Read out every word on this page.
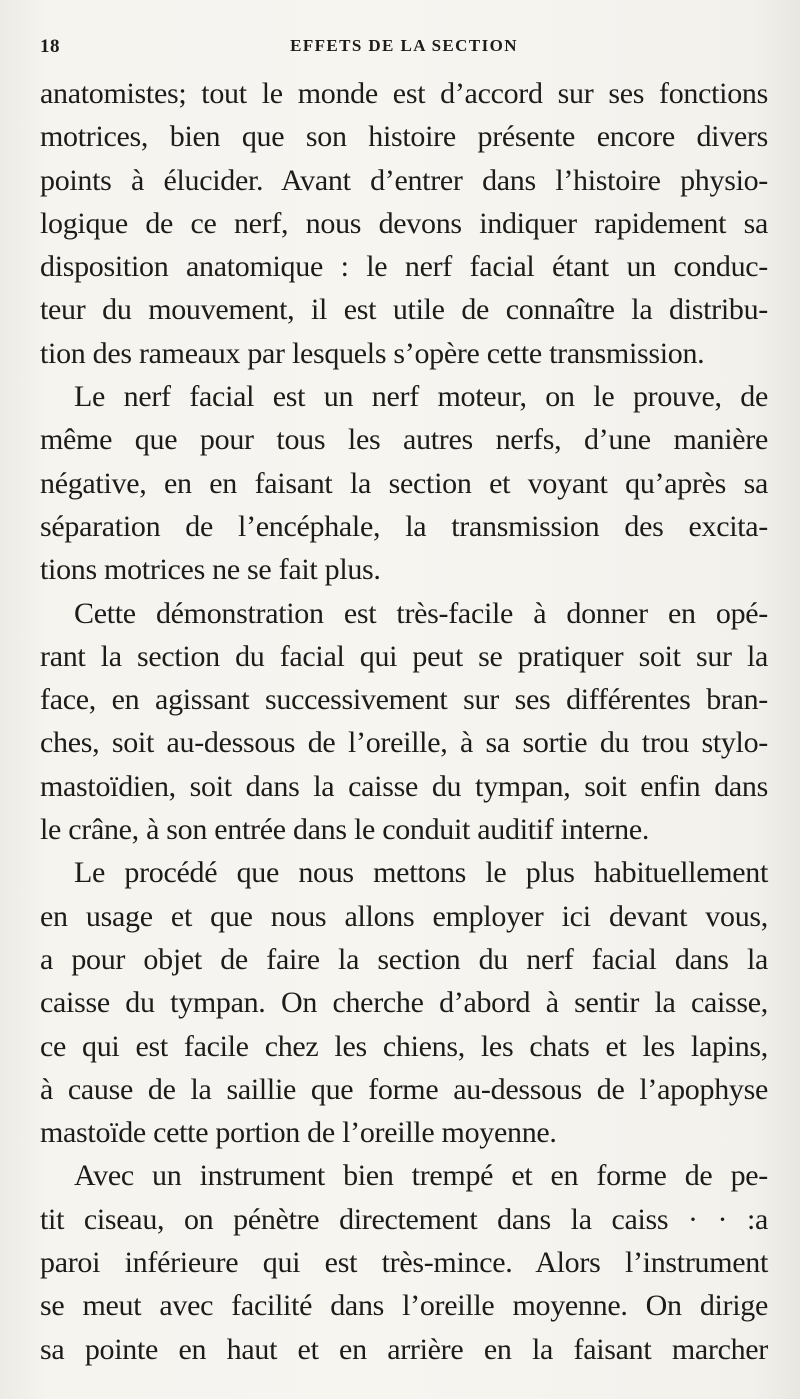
18	EFFETS DE LA SECTION
anatomistes; tout le monde est d’accord sur ses fonctions
motrices, bien que son histoire présente encore divers
points à élucider. Avant d’entrer dans l’histoire physio-
logique de ce nerf, nous devons indiquer rapidement sa
disposition anatomique : le nerf facial étant un conduc-
teur du mouvement, il est utile de connaître la distribu-
tion des rameaux par lesquels s’opère cette transmission.
Le nerf facial est un nerf moteur, on le prouve, de
même que pour tous les autres nerfs, d’une manière
négative, en en faisant la section et voyant qu’après sa
séparation de l’encéphale, la transmission des excita-
tions motrices ne se fait plus.
Cette démonstration est très-facile à donner en opé-
rant la section du facial qui peut se pratiquer soit sur la
face, en agissant successivement sur ses différentes bran-
ches, soit au-dessous de l’oreille, à sa sortie du trou stylo-
mastoïdien, soit dans la caisse du tympan, soit enfin dans
le crâne, à son entrée dans le conduit auditif interne.
Le procédé que nous mettons le plus habituellement
en usage et que nous allons employer ici devant vous,
a pour objet de faire la section du nerf facial dans la
caisse du tympan. On cherche d’abord à sentir la caisse,
ce qui est facile chez les chiens, les chats et les lapins,
à cause de la saillie que forme au-dessous de l’apophyse
mastoïde cette portion de l’oreille moyenne.
Avec un instrument bien trempé et en forme de pe-
tit ciseau, on pénètre directement dans la caiss · · :a
paroi inférieure qui est très-mince. Alors l’instrument
se meut avec facilité dans l’oreille moyenne. On dirige
sa pointe en haut et en arrière en la faisant marcher
